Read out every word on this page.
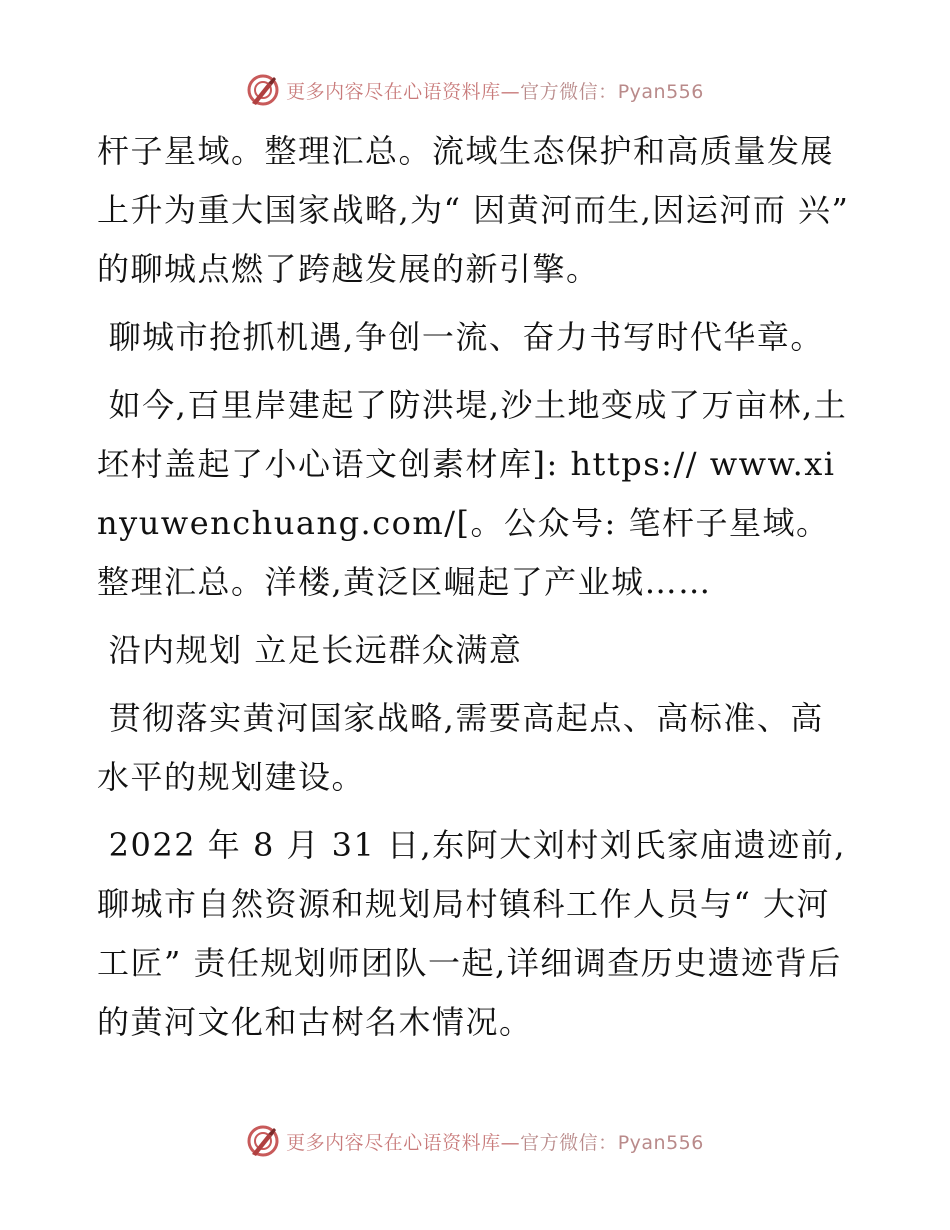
更多内容尽在心语资料库—官方微信：Pyan556

杆子星域。整理汇总。流域生态保护和高质量发展上升为重大国家战略,为“ 因黄河而生,因运河而 兴” 的聊城点燃了跨越发展的新引擎。

聊城市抢抓机遇,争创一流、奋力书写时代华章。

如今,百里岸建起了防洪堤,沙土地变成了万亩林,土坯村盖起了小心语文创素材库]: https:// www.xinyuwenchuang.com/[。公众号: 笔杆子星域。整理汇总。洋楼,黄泛区崛起了产业城……

沿内规划 立足长远群众满意

贯彻落实黄河国家战略,需要高起点、高标准、高水平的规划建设。

2022 年 8 月 31 日,东阿大刘村刘氏家庙遗迹前,聊城市自然资源和规划局村镇科工作人员与“ 大河工匠” 责任规划师团队一起,详细调查历史遗迹背后的黄河文化和古树名木情况。

更多内容尽在心语资料库—官方微信：Pyan556
